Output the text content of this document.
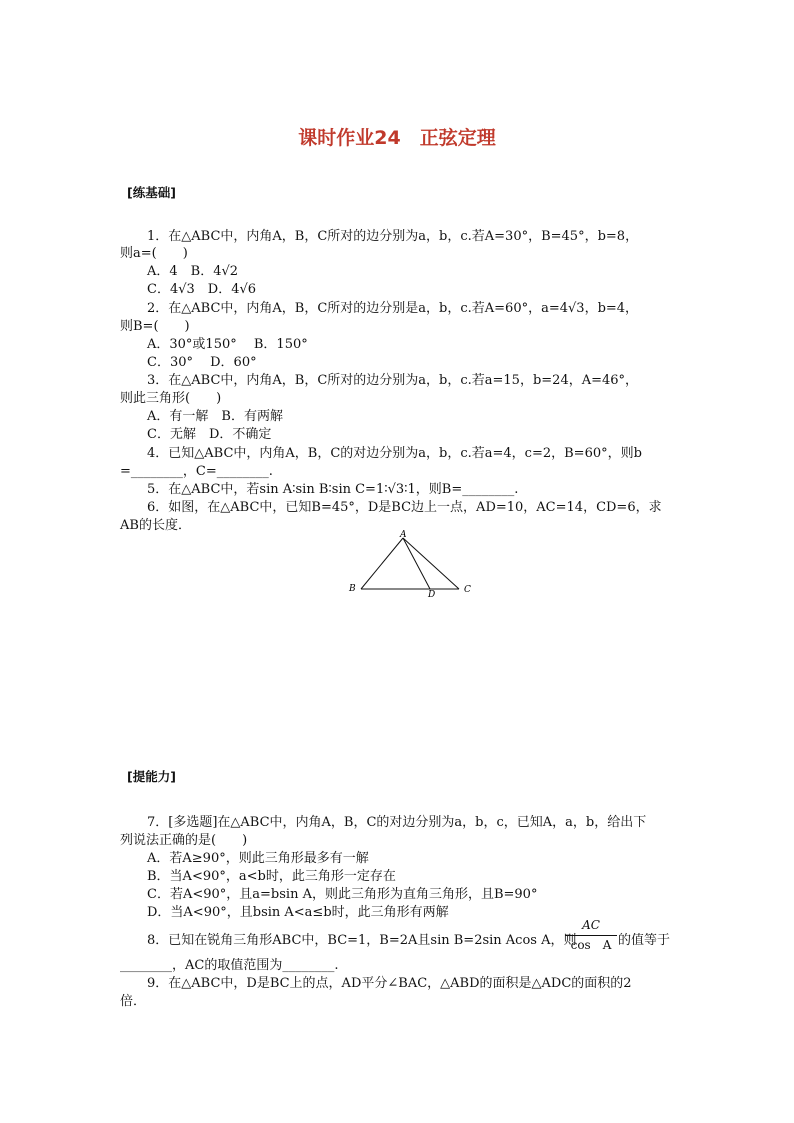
课时作业24　正弦定理
[练基础]
1．在△ABC中，内角A，B，C所对的边分别为a，b，c.若A=30°，B=45°，b=8，
则a=(　　)
A．4　B．4√2
C．4√3　D．4√6
2．在△ABC中，内角A，B，C所对的边分别是a，b，c.若A=60°，a=4√3，b=4，
则B=(　　)
A．30°或150°　 B．150°
C．30°　 D．60°
3．在△ABC中，内角A，B，C所对的边分别为a，b，c.若a=15，b=24，A=46°，
则此三角形(　　)
A．有一解　B．有两解
C．无解　D．不确定
4．已知△ABC中，内角A，B，C的对边分别为a，b，c.若a=4，c=2，B=60°，则b
=________，C=________.
5．在△ABC中，若sin A∶sin B∶sin C=1∶√3∶1，则B=________.
6．如图，在△ABC中，已知B=45°，D是BC边上一点，AD=10，AC=14，CD=6，求
AB的长度．
A
B	C
D
[提能力]
7．[多选题]在△ABC中，内角A，B，C的对边分别为a，b，c，已知A，a，b，给出下
列说法正确的是(　　)
A．若A≥90°，则此三角形最多有一解
B．当A<90°，a<b时，此三角形一定存在
C．若A<90°，且a=bsin A，则此三角形为直角三角形，且B=90°
D．当A<90°，且bsin A<a≤b时，此三角形有两解
8．已知在锐角三角形ABC中，BC=1，B=2A且sin B=2sin Acos A，则
AC
cos　A 的值等于
________，AC的取值范围为________.
9．在△ABC中，D是BC上的点，AD平分∠BAC，△ABD的面积是△ADC的面积的2
倍．
